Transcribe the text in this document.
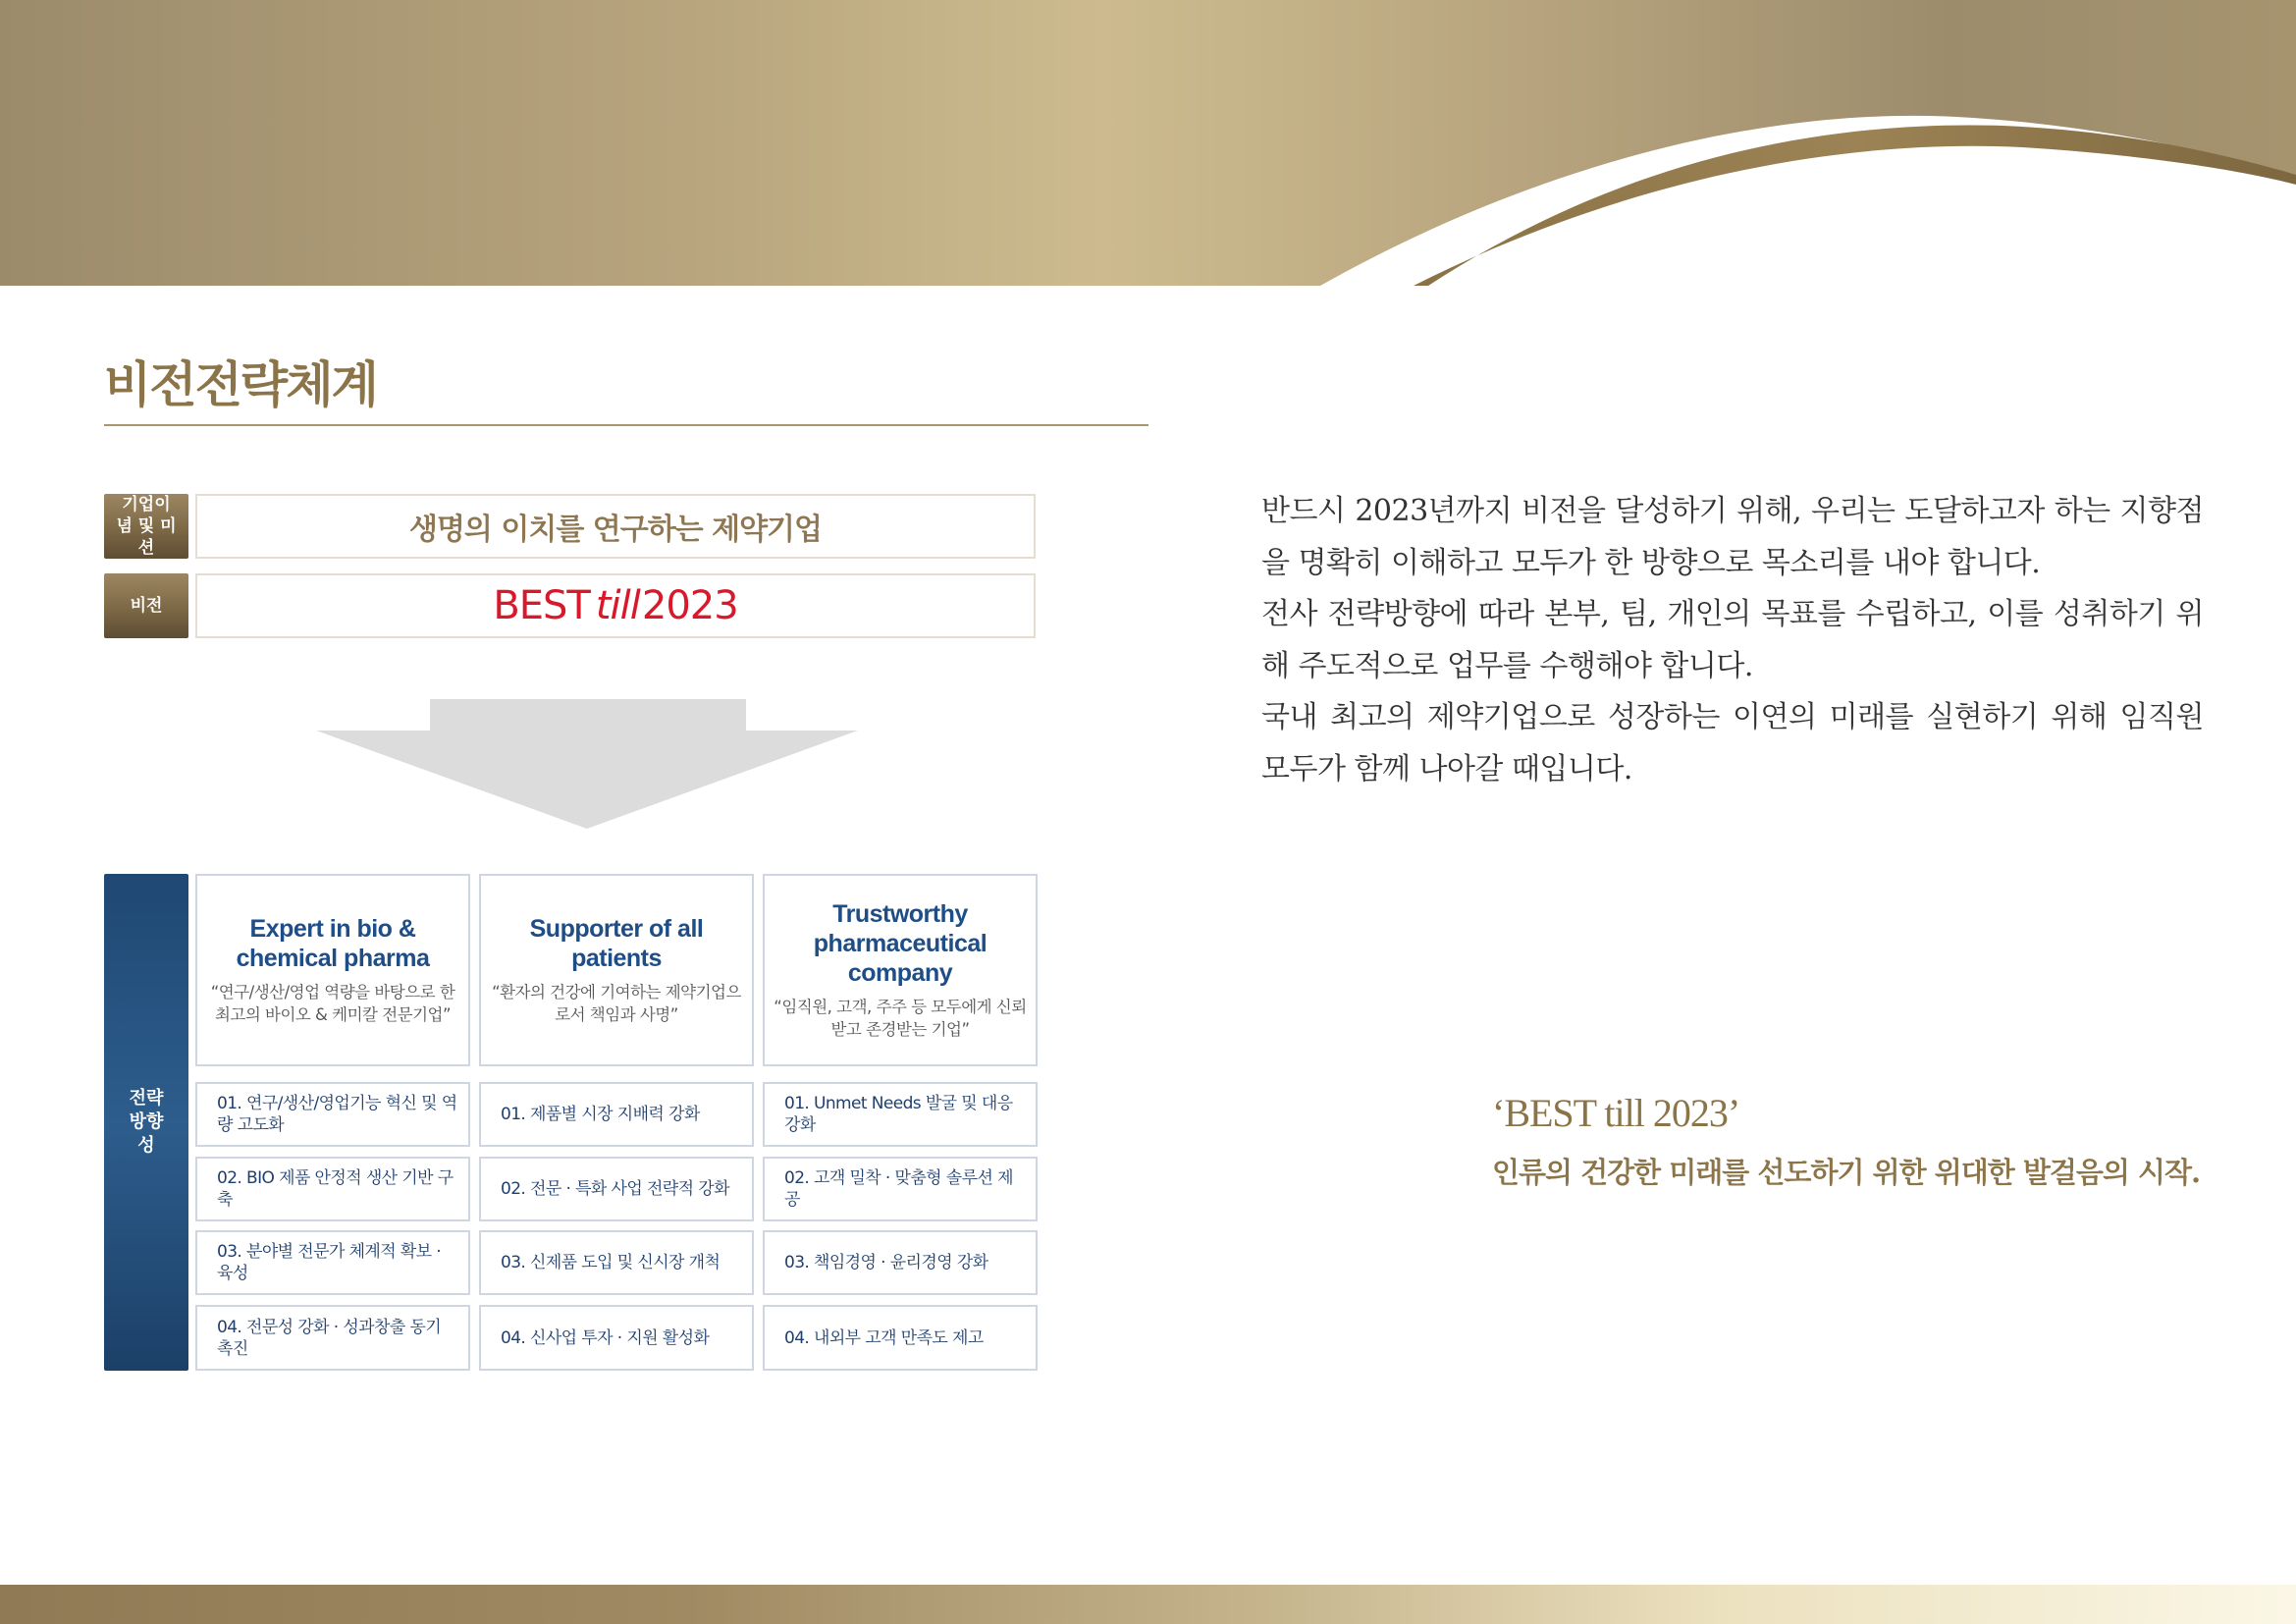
비전전략체계
기업이념 및 미션
생명의 이치를 연구하는 제약기업
비전	BEST till2023
전략 방향성
Expert in bio & chemical pharma
“연구/생산/영업 역량을 바탕으로 한 최고의 바이오 & 케미칼 전문기업”
01. 연구/생산/영업기능 혁신 및 역량 고도화
02. BIO 제품 안정적 생산 기반 구축
03. 분야별 전문가 체계적 확보 · 육성
04. 전문성 강화 · 성과창출 동기 촉진
Supporter of all patients
“환자의 건강에 기여하는 제약기업으로서 책임과 사명”
01. 제품별 시장 지배력 강화
02. 전문 · 특화 사업 전략적 강화
03. 신제품 도입 및 신시장 개척
04. 신사업 투자 · 지원 활성화
Trustworthy pharmaceutical company
“임직원, 고객, 주주 등 모두에게 신뢰받고 존경받는 기업”
01. Unmet Needs 발굴 및 대응 강화
02. 고객 밀착 · 맞춤형 솔루션 제공
03. 책임경영 · 윤리경영 강화
04. 내외부 고객 만족도 제고

반드시 2023년까지 비전을 달성하기 위해, 우리는 도달하고자 하는 지향점을 명확히 이해하고 모두가 한 방향으로 목소리를 내야 합니다.

전사 전략방향에 따라 본부, 팀, 개인의 목표를 수립하고, 이를 성취하기 위해 주도적으로 업무를 수행해야 합니다.

국내 최고의 제약기업으로 성장하는 이연의 미래를 실현하기 위해 임직원 모두가 함께 나아갈 때입니다.

‘BEST till 2023’
인류의 건강한 미래를 선도하기 위한 위대한 발걸음의 시작.
